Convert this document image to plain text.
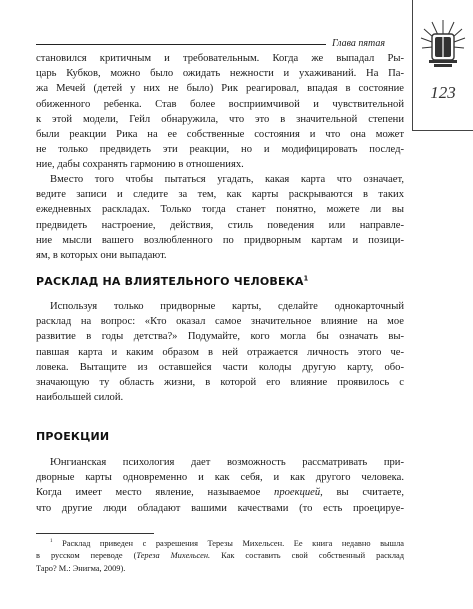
Глава пятая
123
становился критичным и требовательным. Когда же выпадал Ры-
царь Кубков, можно было ожидать нежности и ухаживаний. На Па-
жа Мечей (детей у них не было) Рик реагировал, впадая в состояние
обиженного ребенка. Став более восприимчивой и чувствительной
к этой модели, Гейл обнаружила, что это в значительной степени
были реакции Рика на ее собственные состояния и что она может
не только предвидеть эти реакции, но и модифицировать послед-
ние, дабы сохранять гармонию в отношениях.
Вместо того чтобы пытаться угадать, какая карта что означает,
ведите записи и следите за тем, как карты раскрываются в таких
ежедневных раскладах. Только тогда станет понятно, можете ли вы
предвидеть настроение, действия, стиль поведения или направле-
ние мысли вашего возлюбленного по придворным картам и позици-
ям, в которых они выпадают.
РАСКЛАД НА ВЛИЯТЕЛЬНОГО ЧЕЛОВЕКА$^1$
Используя только придворные карты, сделайте однокарточный
расклад на вопрос: «Кто оказал самое значительное влияние на мое
развитие в годы детства?» Подумайте, кого могла бы означать вы-
павшая карта и каким образом в ней отражается личность этого че-
ловека. Вытащите из оставшейся части колоды другую карту, обо-
значающую ту область жизни, в которой его влияние проявилось с
наибольшей силой.
ПРОЕКЦИИ
Юнгианская психология дает возможность рассматривать при-
дворные карты одновременно и как себя, и как другого человека.
Когда имеет место явление, называемое проекцией, вы считаете,
что другие люди обладают вашими качествами (то есть проецируе-
$^1$ Расклад приведен с разрешения Терезы Михельсен. Ее книга недавно вышла
в русском переводе (Тереза Михельсен. Как составить свой собственный расклад
Таро? М.: Энигма, 2009).
